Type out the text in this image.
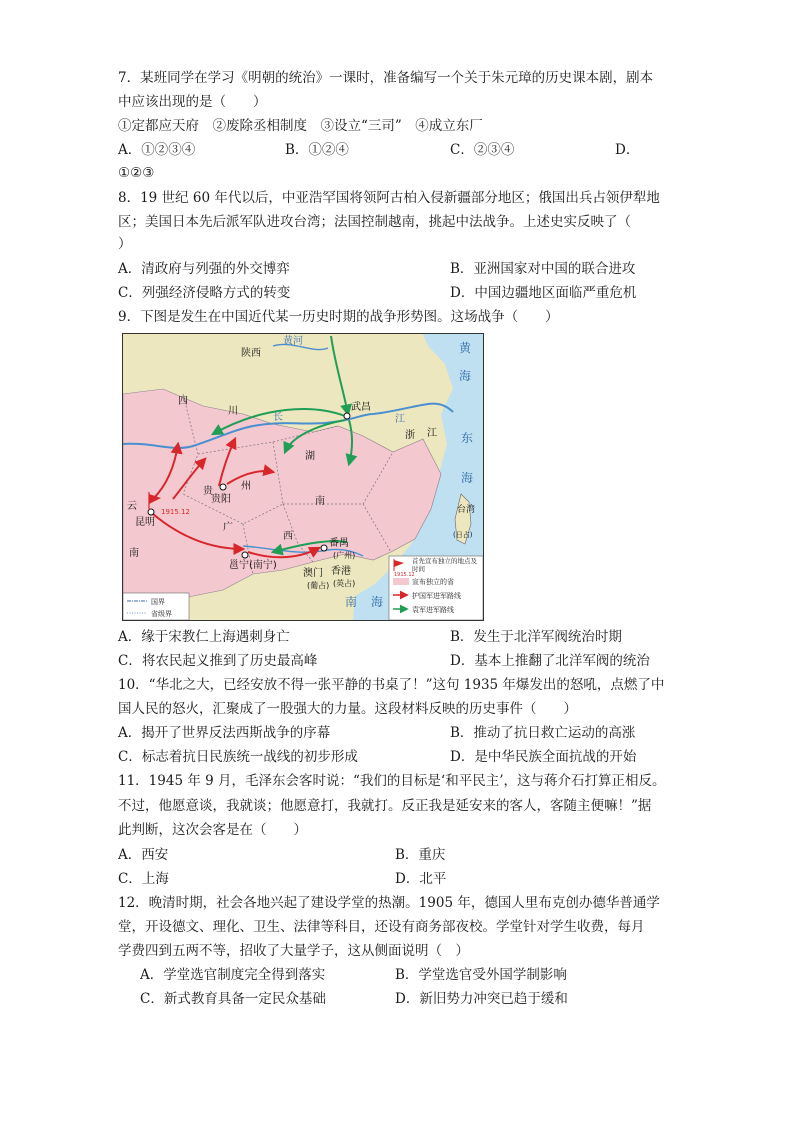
7．某班同学在学习《明朝的统治》一课时，准备编写一个关于朱元璋的历史课本剧，剧本
中应该出现的是（　　）
①定都应天府　②废除丞相制度　③设立“三司”　④成立东厂
A．①②③④	B．①②④	C．②③④	D．
①②③
8．19 世纪 60 年代以后，中亚浩罕国将领阿古柏入侵新疆部分地区；俄国出兵占领伊犁地
区；美国日本先后派军队进攻台湾；法国控制越南，挑起中法战争。上述史实反映了（
）
A．清政府与列强的外交博弈	B．亚洲国家对中国的联合进攻
C．列强经济侵略方式的转变	D．中国边疆地区面临严重危机
9．下图是发生在中国近代某一历史时期的战争形势图。这场战争（　　）
陕西
黄河
四
川
长	江
武昌
湖
南
浙 江
贵	州
贵阳
云
南
昆明
1915.12
广
西
邕宁(南宁)
番禺
(广州)
澳门
(葡占)
香港
(英占)
台湾
(日占)
黄
海
东
海
南 海
国界
省级界
1915.12
首先宣布独立的地点及时间
宣布独立的省
护国军进军路线
袁军进军路线
A．缘于宋教仁上海遇刺身亡	B．发生于北洋军阀统治时期
C．将农民起义推到了历史最高峰	D．基本上推翻了北洋军阀的统治
10．“华北之大，已经安放不得一张平静的书桌了！”这句 1935 年爆发出的怒吼，点燃了中
国人民的怒火，汇聚成了一股强大的力量。这段材料反映的历史事件（　　）
A．揭开了世界反法西斯战争的序幕	B．推动了抗日救亡运动的高涨
C．标志着抗日民族统一战线的初步形成	D．是中华民族全面抗战的开始
11．1945 年 9 月，毛泽东会客时说：“我们的目标是‘和平民主’，这与蒋介石打算正相反。
不过，他愿意谈，我就谈；他愿意打，我就打。反正我是延安来的客人，客随主便嘛！”据
此判断，这次会客是在（　　）
A．西安	B．重庆
C．上海	D．北平
12．晚清时期，社会各地兴起了建设学堂的热潮。1905 年，德国人里布克创办德华普通学
堂，开设德文、理化、卫生、法律等科目，还设有商务部夜校。学堂针对学生收费，每月
学费四到五两不等，招收了大量学子，这从侧面说明（　）
A．学堂选官制度完全得到落实	B．学堂选官受外国学制影响
C．新式教育具备一定民众基础	D．新旧势力冲突已趋于缓和
